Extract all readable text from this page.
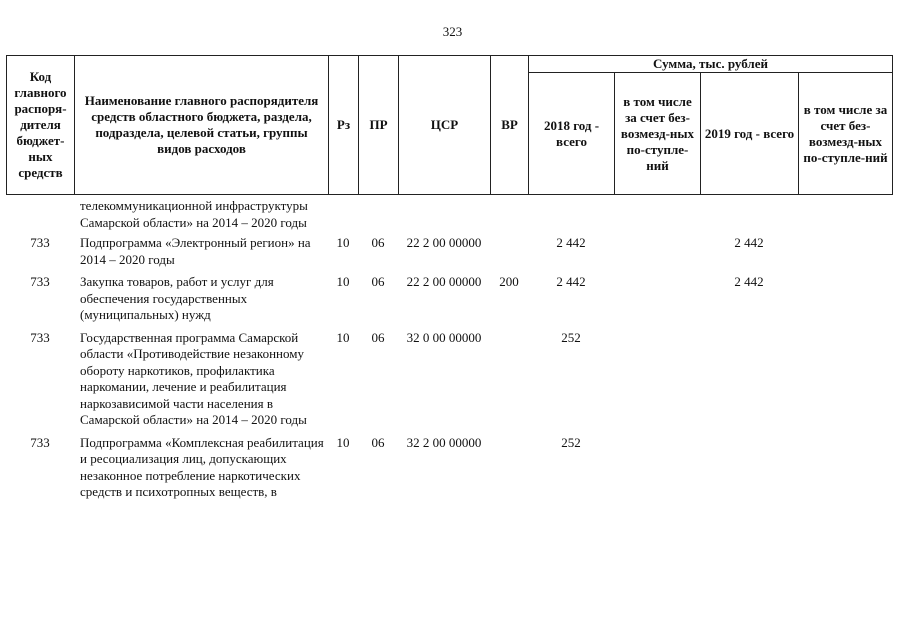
323
Код главного распоря-дителя бюджет-ных средств	Наименование главного распорядителя средств областного бюджета, раздела, подраздела, целевой статьи, группы видов расходов	Рз	ПР	ЦСР	ВР	Сумма, тыс. рублей			
						2018 год - всего	в том числе за счет без-возмезд-ных по-ступле-ний	2019 год - всего	в том числе за счет без-возмезд-ных по-ступле-ний
	телекоммуникационной инфраструктуры Самарской области» на 2014 – 2020 годы								
733	Подпрограмма «Электронный регион» на 2014 – 2020 годы	10	06	22 2 00 00000		2 442		2 442	
733	Закупка товаров, работ и услуг для обеспечения государственных (муниципальных) нужд	10	06	22 2 00 00000	200	2 442		2 442	
733	Государственная программа Самарской области «Противодействие незаконному обороту наркотиков, профилактика наркомании, лечение и реабилитация наркозависимой части населения в Самарской области» на 2014 – 2020 годы	10	06	32 0 00 00000		252			
733	Подпрограмма «Комплексная реабилитация и ресоциализация лиц, допускающих незаконное потребление наркотических средств и психотропных веществ, в	10	06	32 2 00 00000		252			
